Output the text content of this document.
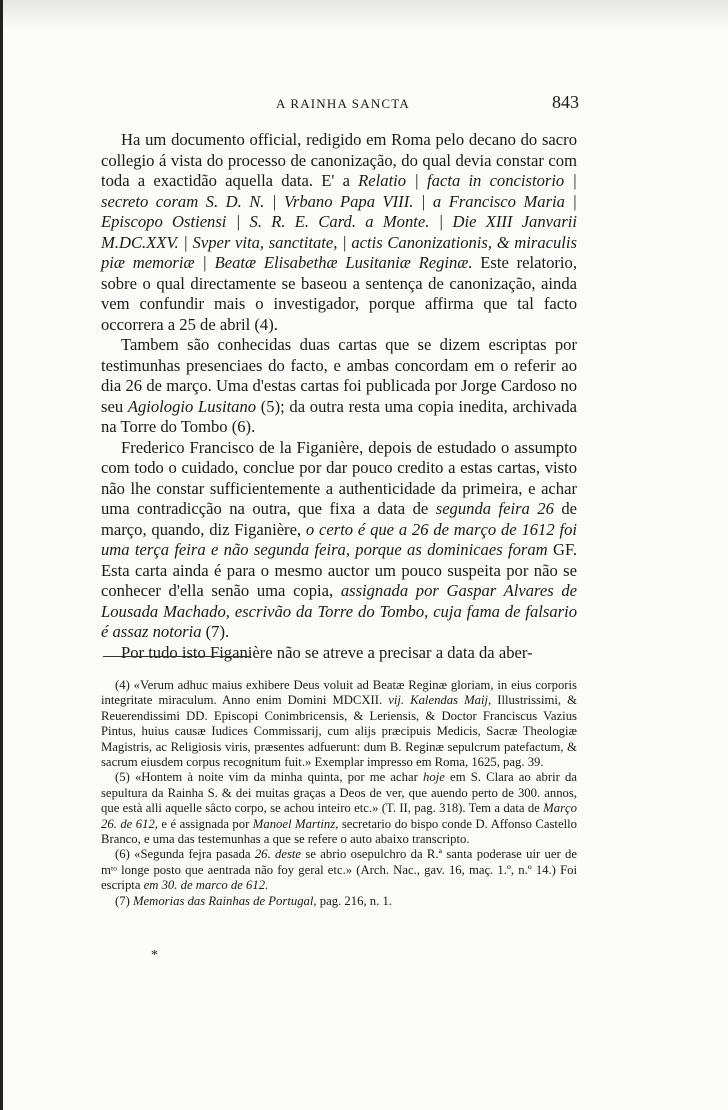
A RAINHA SANCTA	843

Ha um documento official, redigido em Roma pelo decano do sacro collegio á vista do processo de canonização, do qual devia constar com toda a exactidão aquella data. E' a Relatio | facta in concistorio | secreto coram S. D. N. | Vrbano Papa VIII. | a Francisco Maria | Episcopo Ostiensi | S. R. E. Card. a Monte. | Die XIII Janvarii M.DC.XXV. | Svper vita, sanctitate, | actis Canonizationis, & miraculis piæ memoriæ | Beatæ Elisabethæ Lusitaniæ Reginæ. Este relatorio, sobre o qual directamente se baseou a sentença de canonização, ainda vem confundir mais o investigador, porque affirma que tal facto occorrera a 25 de abril (4).

Tambem são conhecidas duas cartas que se dizem escriptas por testimunhas presenciaes do facto, e ambas concordam em o referir ao dia 26 de março. Uma d'estas cartas foi publicada por Jorge Cardoso no seu Agiologio Lusitano (5); da outra resta uma copia inedita, archivada na Torre do Tombo (6).

Frederico Francisco de la Figanière, depois de estudado o assumpto com todo o cuidado, conclue por dar pouco credito a estas cartas, visto não lhe constar sufficientemente a authenticidade da primeira, e achar uma contradicção na outra, que fixa a data de segunda feira 26 de março, quando, diz Figanière, o certo é que a 26 de março de 1612 foi uma terça feira e não segunda feira, porque as dominicaes foram GF. Esta carta ainda é para o mesmo auctor um pouco suspeita por não se conhecer d'ella senão uma copia, assignada por Gaspar Alvares de Lousada Machado, escrivão da Torre do Tombo, cuja fama de falsario é assaz notoria (7).

Por tudo isto Figanière não se atreve a precisar a data da aber-

(4) «Verum adhuc maius exhibere Deus voluit ad Beatæ Reginæ gloriam, in eius corporis integritate miraculum. Anno enim Domini MDCXII. vij. Kalendas Maij, Illustrissimi, & Reuerendissimi DD. Episcopi Conimbricensis, & Leriensis, & Doctor Franciscus Vazius Pintus, huius causæ Iudices Commissarij, cum alijs præcipuis Medicis, Sacræ Theologiæ Magistris, ac Religiosis viris, præsentes adfuerunt: dum B. Reginæ sepulcrum patefactum, & sacrum eiusdem corpus recognitum fuit.» Exemplar impresso em Roma, 1625, pag. 39.

(5) «Hontem à noite vim da minha quinta, por me achar hoje em S. Clara ao abrir da sepultura da Rainha S. & dei muitas graças a Deos de ver, que auendo perto de 300. annos, que està alli aquelle sâcto corpo, se achou inteiro etc.» (T. II, pag. 318). Tem a data de Março 26. de 612, e é assignada por Manoel Martinz, secretario do bispo conde D. Affonso Castello Branco, e uma das testemunhas a que se refere o auto abaixo transcripto.

(6) «Segunda fejra pasada 26. deste se abrio osepulchro da R.ª santa poderase uir uer de mᵗᵒ longe posto que aentrada não foy geral etc.» (Arch. Nac., gav. 16, maç. 1.º, n.º 14.) Foi escripta em 30. de marco de 612.

(7) Memorias das Rainhas de Portugal, pag. 216, n. 1.

*
